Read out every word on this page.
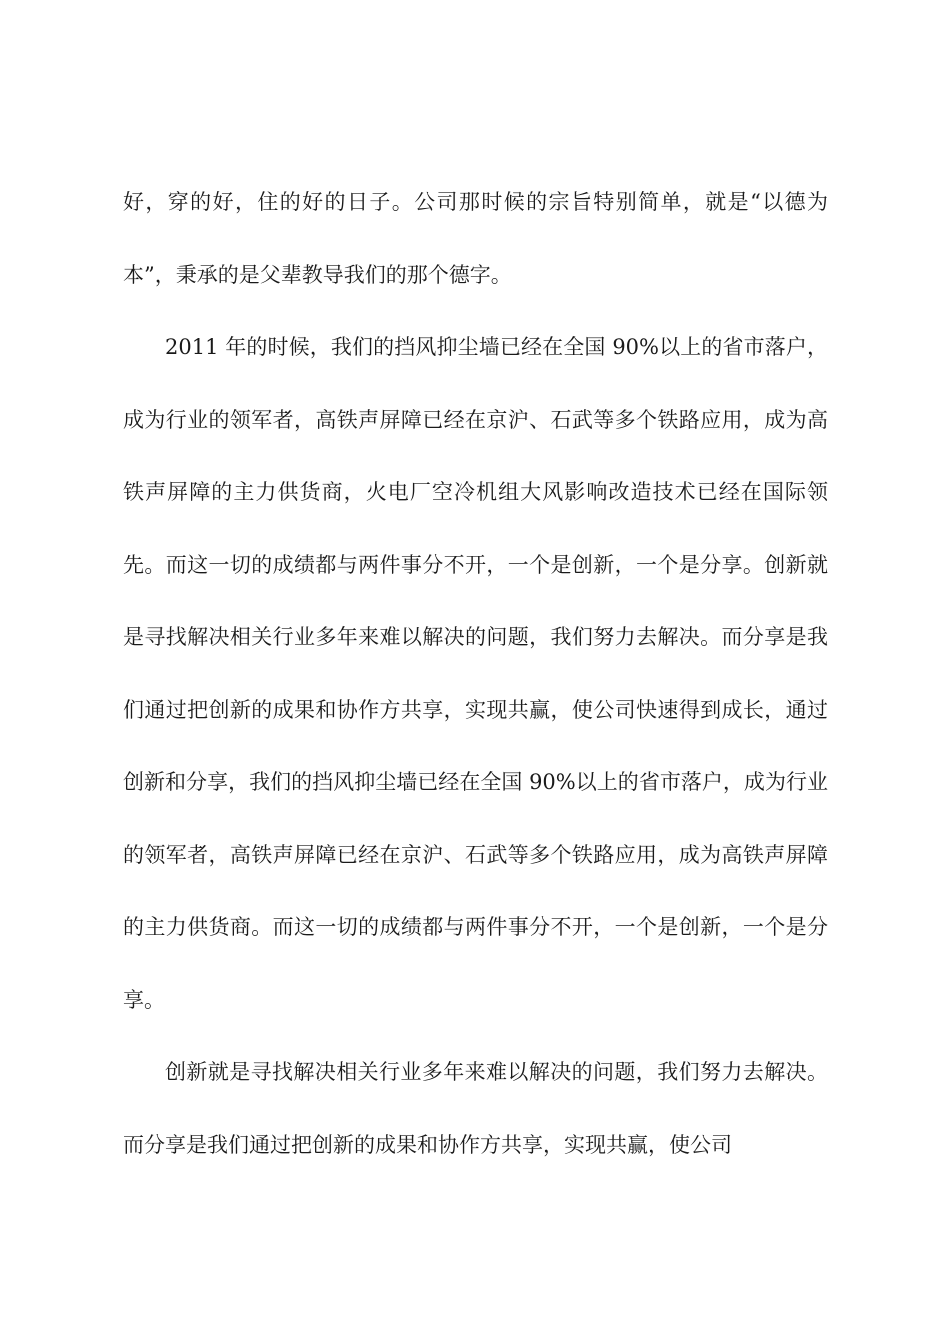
好，穿的好，住的好的日子。公司那时候的宗旨特别简单，就是“以德为本”，秉承的是父辈教导我们的那个德字。

2011 年的时候，我们的挡风抑尘墙已经在全国 90%以上的省市落户，成为行业的领军者，高铁声屏障已经在京沪、石武等多个铁路应用，成为高铁声屏障的主力供货商，火电厂空冷机组大风影响改造技术已经在国际领先。而这一切的成绩都与两件事分不开，一个是创新，一个是分享。创新就是寻找解决相关行业多年来难以解决的问题，我们努力去解决。而分享是我们通过把创新的成果和协作方共享，实现共赢，使公司快速得到成长，通过创新和分享，我们的挡风抑尘墙已经在全国 90%以上的省市落户，成为行业的领军者，高铁声屏障已经在京沪、石武等多个铁路应用，成为高铁声屏障的主力供货商。而这一切的成绩都与两件事分不开，一个是创新，一个是分享。

创新就是寻找解决相关行业多年来难以解决的问题，我们努力去解决。而分享是我们通过把创新的成果和协作方共享，实现共赢，使公司
